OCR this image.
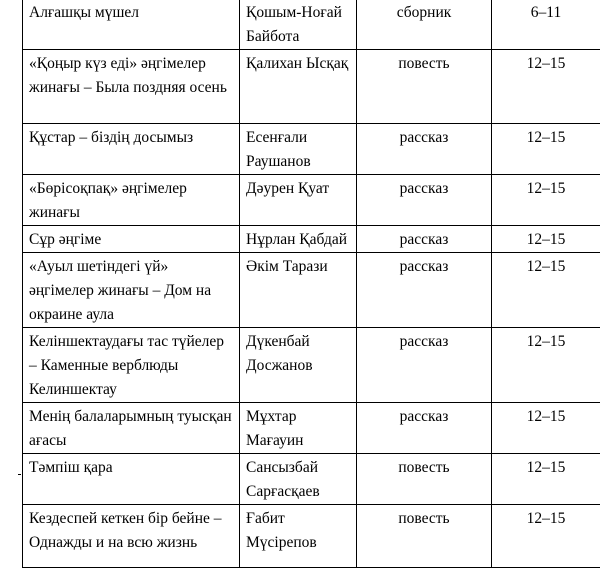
Алғашқы мүшел	Қошым-Ноғай Байбота	сборник	6–11
«Қоңыр күз еді» әңгімелер жинағы – Была поздняя осень	Қалихан Ысқақ	повесть	12–15
Құстар – біздің досымыз	Есенғали Раушанов	рассказ	12–15
«Бөрісоқпақ» әңгімелер жинағы	Дәурен Қуат	рассказ	12–15
Сұр әңгіме	Нұрлан Қабдай	рассказ	12–15
«Ауыл шетіндегі үй» әңгімелер жинағы – Дом на окраине аула	Әкім Тарази	рассказ	12–15
Келіншектаудағы тас түйелер – Каменные верблюды Келиншектау	Дүкенбай Досжанов	рассказ	12–15
Менің балаларымның туысқан ағасы	Мұхтар Мағауин	рассказ	12–15
Тәмпіш қара	Сансызбай Сарғасқаев	повесть	12–15
Кездеспей кеткен бір бейне – Однажды и на всю жизнь	Ғабит Мүсірепов	повесть	12–15
